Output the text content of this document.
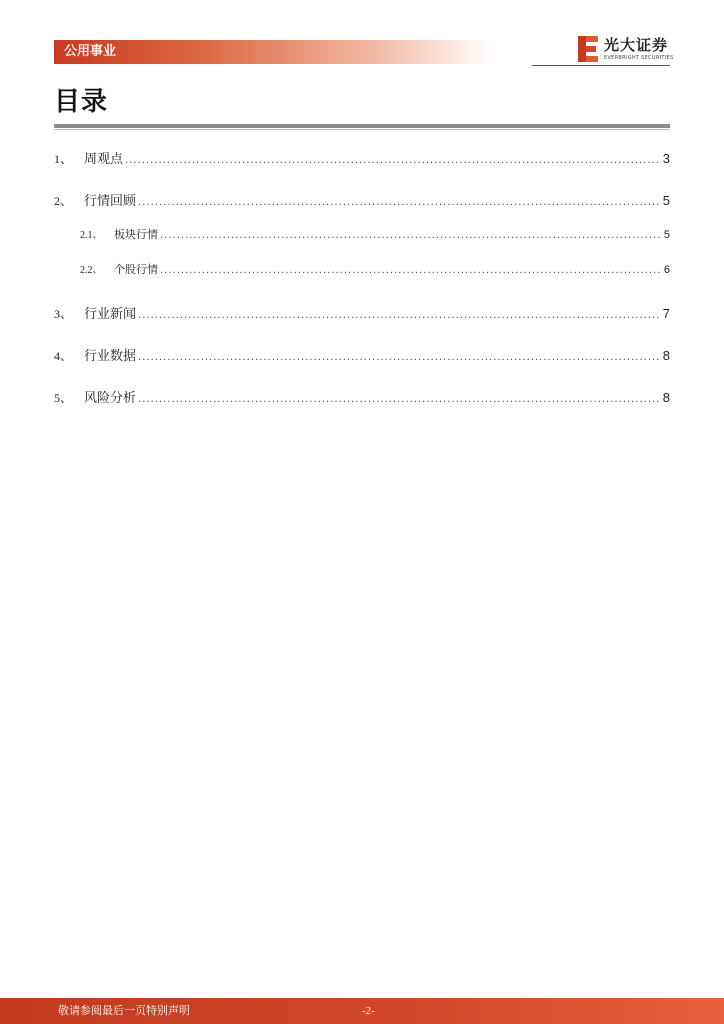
公用事业	光大证券
EVERBRIGHT SECURITIES
目录
1、 周观点 .....	3
2、 行情回顾 .....	5
2.1、	板块行情 .....	5
2.2、	个股行情 .....	6
3、 行业新闻 .....	7
4、 行业数据 .....	8
5、 风险分析 .....	8
敬请参阅最后一页特别声明	-2-
